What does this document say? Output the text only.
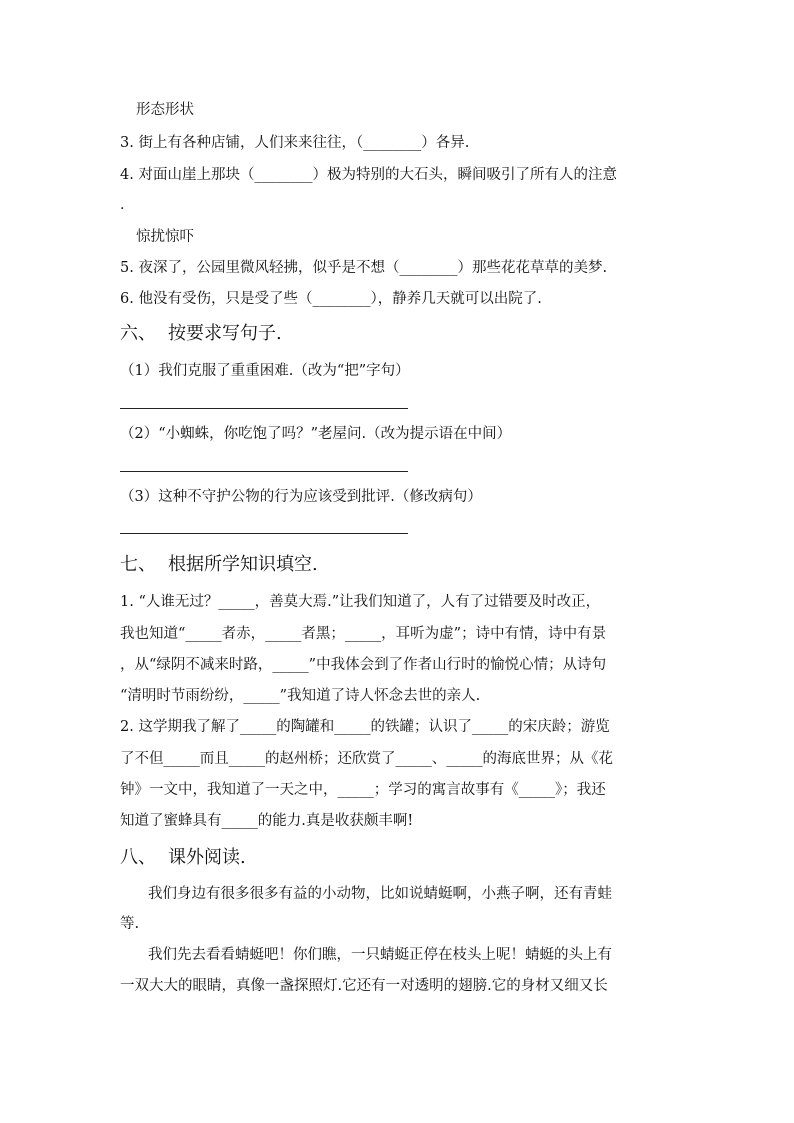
形态形状
3. 街上有各种店铺，人们来来往往，（________）各异.
4. 对面山崖上那块（________）极为特别的大石头，瞬间吸引了所有人的注意
.
惊扰惊吓
5. 夜深了，公园里微风轻拂，似乎是不想（________）那些花花草草的美梦.
6. 他没有受伤，只是受了些（________），静养几天就可以出院了.
六、 按要求写句子.
（1）我们克服了重重困难.（改为“把”字句）
（2）“小蜘蛛，你吃饱了吗？”老屋问.（改为提示语在中间）
（3）这种不守护公物的行为应该受到批评.（修改病句）
七、 根据所学知识填空.
1. “人谁无过？_____，善莫大焉.”让我们知道了，人有了过错要及时改正，
我也知道“_____者赤，_____者黑；_____，耳听为虚”；诗中有情，诗中有景
，从“绿阴不减来时路，_____”中我体会到了作者山行时的愉悦心情；从诗句
“清明时节雨纷纷，_____”我知道了诗人怀念去世的亲人.
2. 这学期我了解了_____的陶罐和_____的铁罐；认识了_____的宋庆龄；游览
了不但_____而且_____的赵州桥；还欣赏了_____、_____的海底世界；从《花
钟》一文中，我知道了一天之中，_____；学习的寓言故事有《_____》；我还
知道了蜜蜂具有_____的能力.真是收获颇丰啊!
八、 课外阅读.
我们身边有很多很多有益的小动物，比如说蜻蜓啊，小燕子啊，还有青蛙
等.
我们先去看看蜻蜓吧！你们瞧，一只蜻蜓正停在枝头上呢！蜻蜓的头上有
一双大大的眼睛，真像一盏探照灯.它还有一对透明的翅膀.它的身材又细又长
